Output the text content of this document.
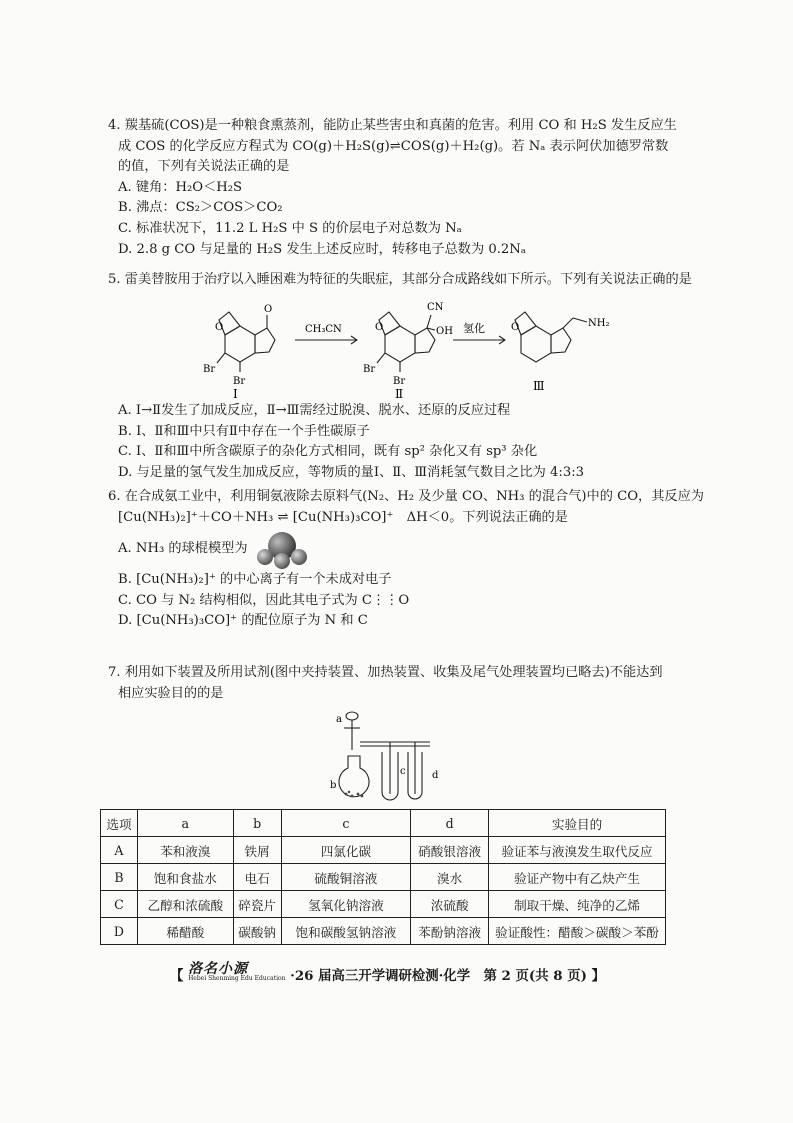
4. 羰基硫(COS)是一种粮食熏蒸剂，能防止某些害虫和真菌的危害。利用 CO 和 H₂S 发生反应生
成 COS 的化学反应方程式为 CO(g)＋H₂S(g)⇌COS(g)＋H₂(g)。若 Nₐ 表示阿伏加德罗常数
的值，下列有关说法正确的是
A. 键角：H₂O＜H₂S
B. 沸点：CS₂＞COS＞CO₂
C. 标准状况下，11.2 L H₂S 中 S 的价层电子对总数为 Nₐ
D. 2.8 g CO 与足量的 H₂S 发生上述反应时，转移电子总数为 0.2Nₐ
5. 雷美替胺用于治疗以入睡困难为特征的失眠症，其部分合成路线如下所示。下列有关说法正确的是
O
O
Br
Br
Ⅰ
CH₃CN	O
CN
OH
Br
Br
Ⅱ
氢化	O	NH₂
Ⅲ
A. Ⅰ→Ⅱ发生了加成反应，Ⅱ→Ⅲ需经过脱溴、脱水、还原的反应过程
B. Ⅰ、Ⅱ和Ⅲ中只有Ⅱ中存在一个手性碳原子
C. Ⅰ、Ⅱ和Ⅲ中所含碳原子的杂化方式相同，既有 sp² 杂化又有 sp³ 杂化
D. 与足量的氢气发生加成反应，等物质的量Ⅰ、Ⅱ、Ⅲ消耗氢气数目之比为 4:3:3
6. 在合成氨工业中，利用铜氨液除去原料气(N₂、H₂ 及少量 CO、NH₃ 的混合气)中的 CO，其反应为
[Cu(NH₃)₂]⁺＋CO＋NH₃ ⇌ [Cu(NH₃)₃CO]⁺　ΔH＜0。下列说法正确的是
A. NH₃ 的球棍模型为
B. [Cu(NH₃)₂]⁺ 的中心离子有一个未成对电子
C. CO 与 N₂ 结构相似，因此其电子式为 C⋮⋮O
D. [Cu(NH₃)₃CO]⁺ 的配位原子为 N 和 C
7. 利用如下装置及所用试剂(图中夹持装置、加热装置、收集及尾气处理装置均已略去)不能达到
相应实验目的的是
a
b
c	d
选项	a	b	c	d	实验目的
A	苯和液溴	铁屑	四氯化碳	硝酸银溶液	验证苯与液溴发生取代反应
B	饱和食盐水	电石	硫酸铜溶液	溴水	验证产物中有乙炔产生
C	乙醇和浓硫酸	碎瓷片	氢氧化钠溶液	浓硫酸	制取干燥、纯净的乙烯
D	稀醋酸	碳酸钠	饱和碳酸氢钠溶液	苯酚钠溶液	验证酸性：醋酸＞碳酸＞苯酚
【 洛名小源
Hebei Shenming Edu Education ·26 届高三开学调研检测·化学　第 2 页(共 8 页) 】
